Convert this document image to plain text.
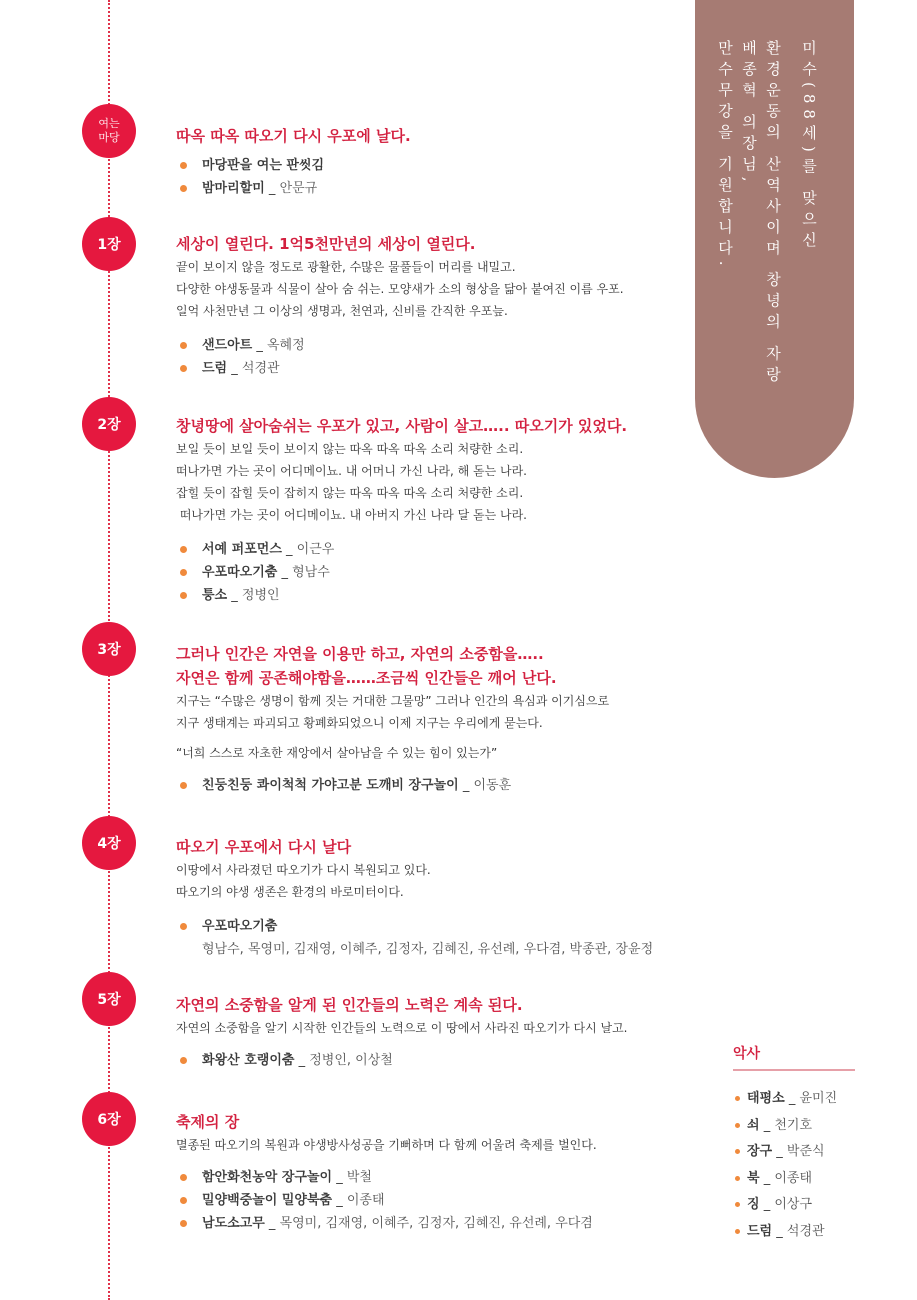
미수(88세)를 맞으신
환경운동의 산역사이며 창녕의 자랑
배종혁 의장님,
만수무강을 기원합니다.
여는
마당	따옥 따옥 따오기 다시 우포에 날다.

마당판을 여는 판씻김
밤마리할미 _ 안문규
1장	세상이 열린다. 1억5천만년의 세상이 열린다.

끝이 보이지 않을 정도로 광활한, 수많은 물풀들이 머리를 내밀고.

다양한 야생동물과 식물이 살아 숨 쉬는. 모양새가 소의 형상을 닮아 붙여진 이름 우포.

일억 사천만년 그 이상의 생명과, 천연과, 신비를 간직한 우포늪.

샌드아트 _ 옥혜정
드럼 _ 석경관
2장	창녕땅에 살아숨쉬는 우포가 있고, 사람이 살고….. 따오기가 있었다.

보일 듯이 보일 듯이 보이지 않는 따옥 따옥 따옥 소리 처량한 소리.

떠나가면 가는 곳이 어디메이뇨. 내 어머니 가신 나라, 해 돋는 나라.

잡힐 듯이 잡힐 듯이 잡히지 않는 따옥 따옥 따옥 소리 처량한 소리.

떠나가면 가는 곳이 어디메이뇨. 내 아버지 가신 나라 달 돋는 나라.

서예 퍼포먼스 _ 이근우
우포따오기춤 _ 형남수
퉁소 _ 정병인
3장	그러나 인간은 자연을 이용만 하고, 자연의 소중함을…..

자연은 함께 공존해야함을……조금씩 인간들은 깨어 난다.

지구는 “수많은 생명이 함께 짓는 거대한 그물망” 그러나 인간의 욕심과 이기심으로

지구 생태계는 파괴되고 황폐화되었으니 이제 지구는 우리에게 묻는다.

“너희 스스로 자초한 재앙에서 살아남을 수 있는 힘이 있는가”

친둥친둥 콰이척척 가야고분 도깨비 장구놀이 _ 이동훈
4장	따오기 우포에서 다시 날다

이땅에서 사라졌던 따오기가 다시 복원되고 있다.

따오기의 야생 생존은 환경의 바로미터이다.

우포따오기춤
형남수, 목영미, 김재영, 이혜주, 김정자, 김혜진, 유선례, 우다겸, 박종관, 장윤정
5장	자연의 소중함을 알게 된 인간들의 노력은 계속 된다.

자연의 소중함을 알기 시작한 인간들의 노력으로 이 땅에서 사라진 따오기가 다시 날고.

화왕산 호랭이춤 _ 정병인, 이상철
6장	축제의 장

멸종된 따오기의 복원과 야생방사성공을 기뻐하며 다 함께 어울려 축제를 벌인다.

함안화천농악 장구놀이 _ 박철
밀양백중놀이 밀양북춤 _ 이종태
남도소고무 _ 목영미, 김재영, 이혜주, 김정자, 김혜진, 유선례, 우다겸
악사
태평소 _ 윤미진
쇠 _ 천기호
장구 _ 박준식
북 _ 이종태
징 _ 이상구
드럼 _ 석경관
